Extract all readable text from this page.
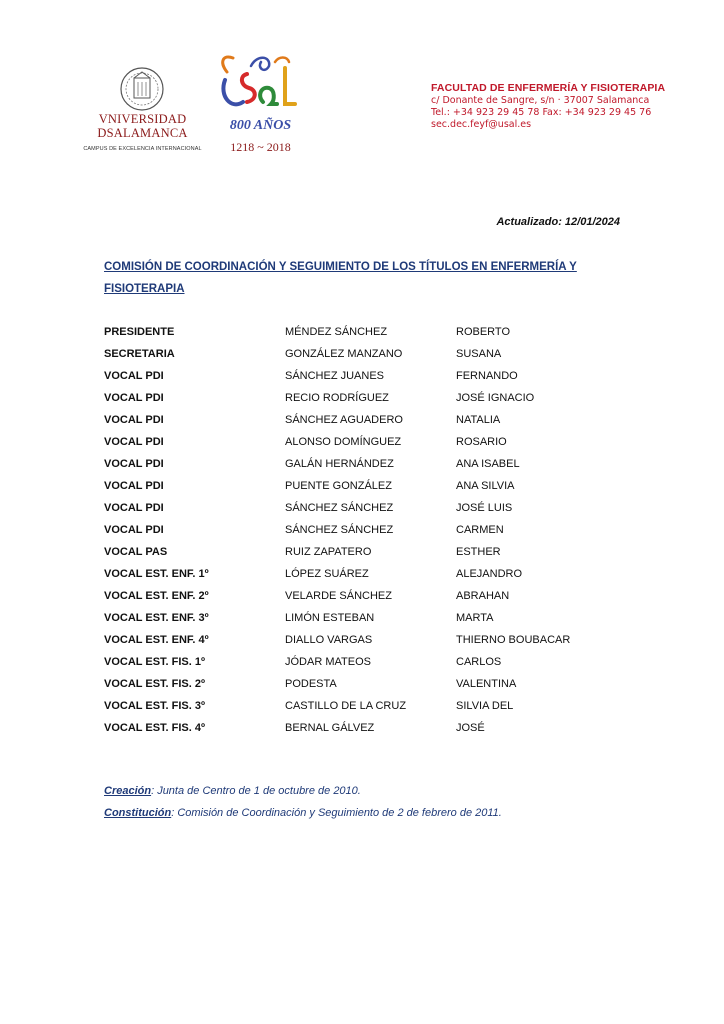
VNIVERSIDAD
DSALAMANCA
CAMPUS DE EXCELENCIA INTERNACIONAL
800 AÑOS
1218 ~ 2018
FACULTAD DE ENFERMERÍA Y FISIOTERAPIA
c/ Donante de Sangre, s/n · 37007 Salamanca
Tel.: +34 923 29 45 78 Fax: +34 923 29 45 76
sec.dec.feyf@usal.es
Actualizado: 12/01/2024
COMISIÓN DE COORDINACIÓN Y SEGUIMIENTO DE LOS TÍTULOS EN ENFERMERÍA Y FISIOTERAPIA
PRESIDENTE	MÉNDEZ SÁNCHEZ	ROBERTO
SECRETARIA	GONZÁLEZ MANZANO	SUSANA
VOCAL PDI	SÁNCHEZ JUANES	FERNANDO
VOCAL PDI	RECIO RODRÍGUEZ	JOSÉ IGNACIO
VOCAL PDI	SÁNCHEZ AGUADERO	NATALIA
VOCAL PDI	ALONSO DOMÍNGUEZ	ROSARIO
VOCAL PDI	GALÁN HERNÁNDEZ	ANA ISABEL
VOCAL PDI	PUENTE GONZÁLEZ	ANA SILVIA
VOCAL PDI	SÁNCHEZ SÁNCHEZ	JOSÉ LUIS
VOCAL PDI	SÁNCHEZ SÁNCHEZ	CARMEN
VOCAL PAS	RUIZ ZAPATERO	ESTHER
VOCAL EST. ENF. 1º	LÓPEZ SUÁREZ	ALEJANDRO
VOCAL EST. ENF. 2º	VELARDE SÁNCHEZ	ABRAHAN
VOCAL EST. ENF. 3º	LIMÓN ESTEBAN	MARTA
VOCAL EST. ENF. 4º	DIALLO VARGAS	THIERNO BOUBACAR
VOCAL EST. FIS. 1º	JÓDAR MATEOS	CARLOS
VOCAL EST. FIS. 2º	PODESTA	VALENTINA
VOCAL EST. FIS. 3º	CASTILLO DE LA CRUZ	SILVIA DEL
VOCAL EST. FIS. 4º	BERNAL GÁLVEZ	JOSÉ
Creación: Junta de Centro de 1 de octubre de 2010.
Constitución: Comisión de Coordinación y Seguimiento de 2 de febrero de 2011.
